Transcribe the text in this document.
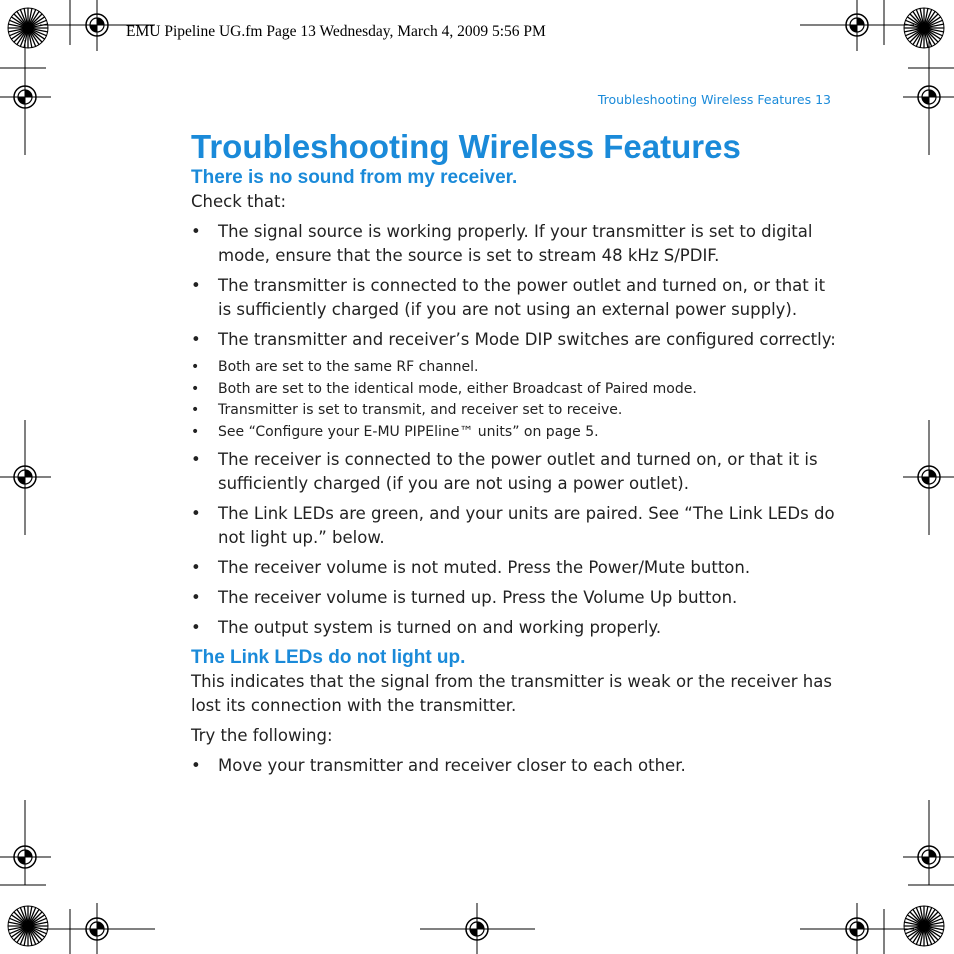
EMU Pipeline UG.fm Page 13 Wednesday, March 4, 2009 5:56 PM
Troubleshooting Wireless Features 13
Troubleshooting Wireless Features
There is no sound from my receiver.

Check that:

• The signal source is working properly. If your transmitter is set to digital mode, ensure that the source is set to stream 48 kHz S/PDIF.
• The transmitter is connected to the power outlet and turned on, or that it is sufficiently charged (if you are not using an external power supply).
• The transmitter and receiver’s Mode DIP switches are configured correctly:
• Both are set to the same RF channel.
• Both are set to the identical mode, either Broadcast of Paired mode.
• Transmitter is set to transmit, and receiver set to receive.
• See “Configure your E-MU PIPEline™ units” on page 5.
• The receiver is connected to the power outlet and turned on, or that it is sufficiently charged (if you are not using a power outlet).
• The Link LEDs are green, and your units are paired. See “The Link LEDs do not light up.” below.
• The receiver volume is not muted. Press the Power/Mute button.
• The receiver volume is turned up. Press the Volume Up button.
• The output system is turned on and working properly.
The Link LEDs do not light up.

This indicates that the signal from the transmitter is weak or the receiver has lost its connection with the transmitter.

Try the following:

• Move your transmitter and receiver closer to each other.
